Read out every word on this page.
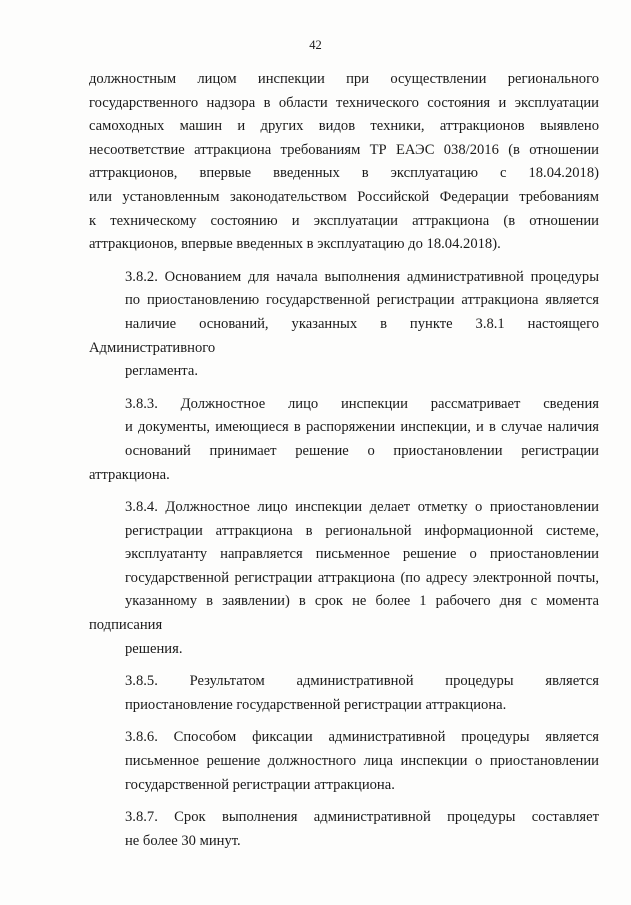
42
должностным лицом инспекции при осуществлении регионального
государственного надзора в области технического состояния и эксплуатации
самоходных машин и других видов техники, аттракционов выявлено
несоответствие аттракциона требованиям ТР ЕАЭС 038/2016 (в отношении
аттракционов, впервые введенных в эксплуатацию с 18.04.2018)
или установленным законодательством Российской Федерации требованиям
к техническому состоянию и эксплуатации аттракциона (в отношении
аттракционов, впервые введенных в эксплуатацию до 18.04.2018).
3.8.2. Основанием для начала выполнения административной процедуры
по приостановлению государственной регистрации аттракциона является
наличие оснований, указанных в пункте 3.8.1 настоящего Административного
регламента.
3.8.3. Должностное лицо инспекции рассматривает сведения
и документы, имеющиеся в распоряжении инспекции, и в случае наличия
оснований принимает решение о приостановлении регистрации аттракциона.
3.8.4. Должностное лицо инспекции делает отметку о приостановлении
регистрации аттракциона в региональной информационной системе,
эксплуатанту направляется письменное решение о приостановлении
государственной регистрации аттракциона (по адресу электронной почты,
указанному в заявлении) в срок не более 1 рабочего дня с момента подписания
решения.
3.8.5. Результатом административной процедуры является
приостановление государственной регистрации аттракциона.
3.8.6. Способом фиксации административной процедуры является
письменное решение должностного лица инспекции о приостановлении
государственной регистрации аттракциона.
3.8.7. Срок выполнения административной процедуры составляет
не более 30 минут.
